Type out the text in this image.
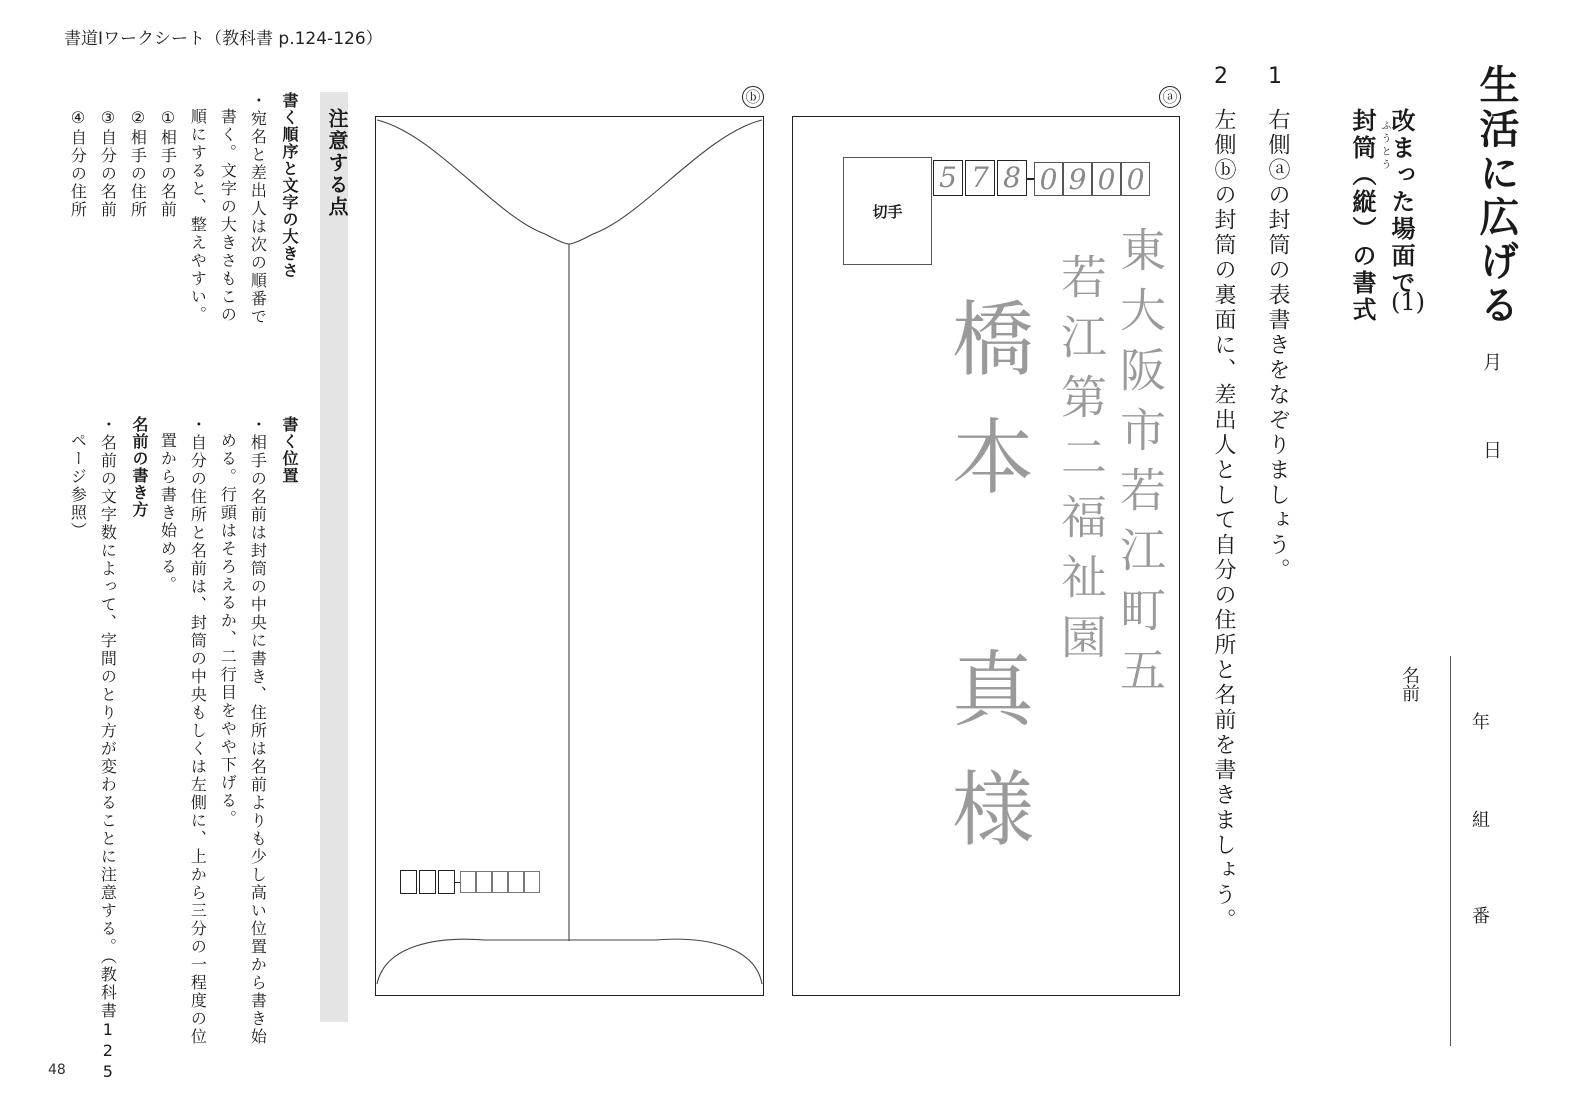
書道Ⅰワークシート（教科書 p.124-126）
48
生活に広げる
月
日
改まった場面で
(1)
ふうとう
封筒（縦）の書式
名前
年
組
番
1
右側ⓐの封筒の表書きをなぞりましょう。
2
左側ⓑの封筒の裏面に、差出人として自分の住所と名前を書きましょう。
ⓐ
切手
5 7 8 0 9 0 0
東大阪市若江町五
若江第二福祉園
橋
本
真
様
ⓑ
注意する点
書く順序と文字の大きさ
・宛名と差出人は次の順番で
書く。文字の大きさもこの
順にすると、整えやすい。
①相手の名前
②相手の住所
③自分の名前
④自分の住所
書く位置
・相手の名前は封筒の中央に書き、住所は名前よりも少し高い位置から書き始
める。行頭はそろえるか、二行目をやや下げる。
・自分の住所と名前は、封筒の中央もしくは左側に、上から三分の一程度の位
置から書き始める。
名前の書き方
・名前の文字数によって、字間のとり方が変わることに注意する。（教科書125
ページ参照）
